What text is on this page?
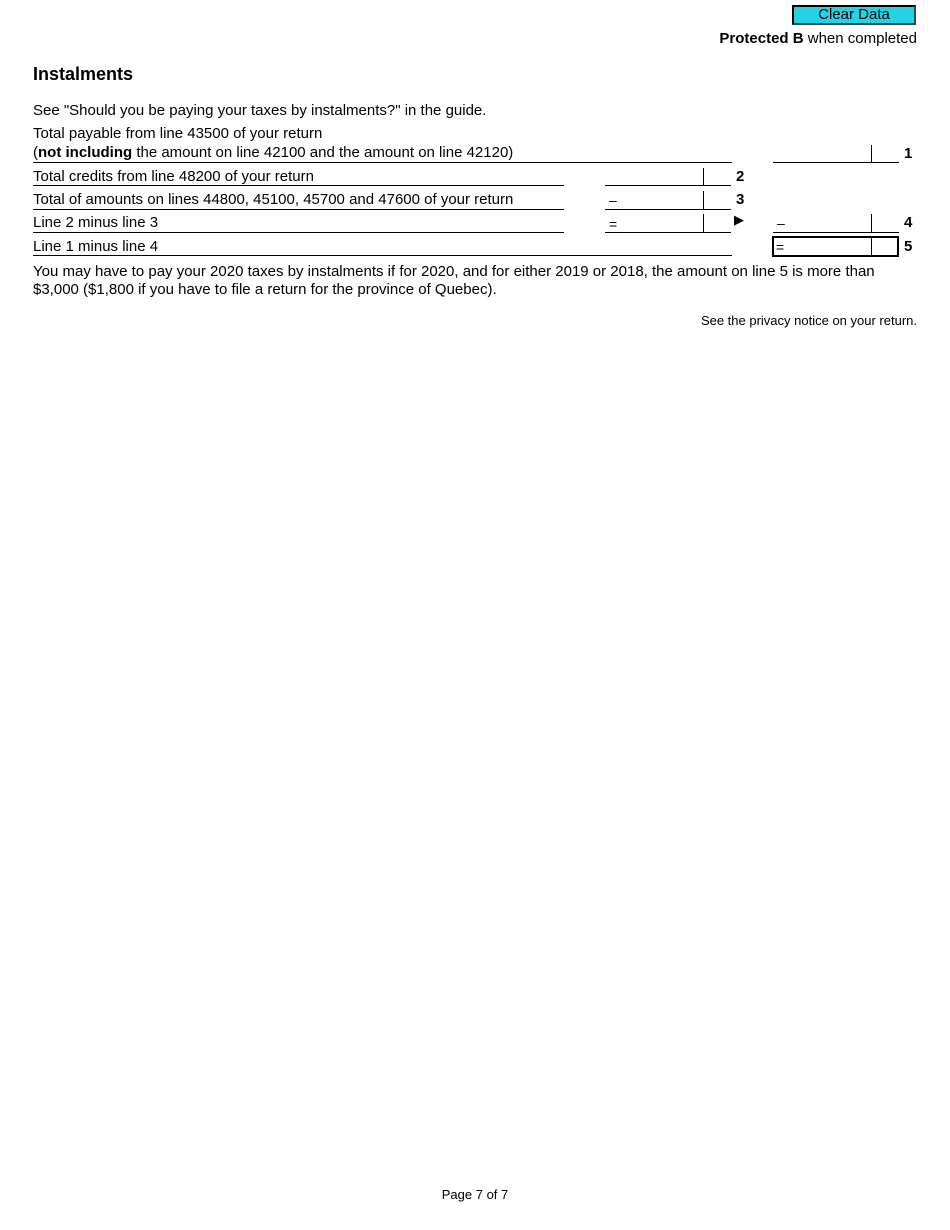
Clear Data
Protected B when completed
Instalments
See "Should you be paying your taxes by instalments?" in the guide.
Total payable from line 43500 of your return
(not including the amount on line 42100 and the amount on line 42120)	1
Total credits from line 48200 of your return	2
Total of amounts on lines 44800, 45100, 45700 and 47600 of your return	–	3
Line 2 minus line 3	=	▶ –	4
Line 1 minus line 4	=	5
You may have to pay your 2020 taxes by instalments if for 2020, and for either 2019 or 2018, the amount on line 5 is more than $3,000 ($1,800 if you have to file a return for the province of Quebec).
See the privacy notice on your return.
Page 7 of 7
